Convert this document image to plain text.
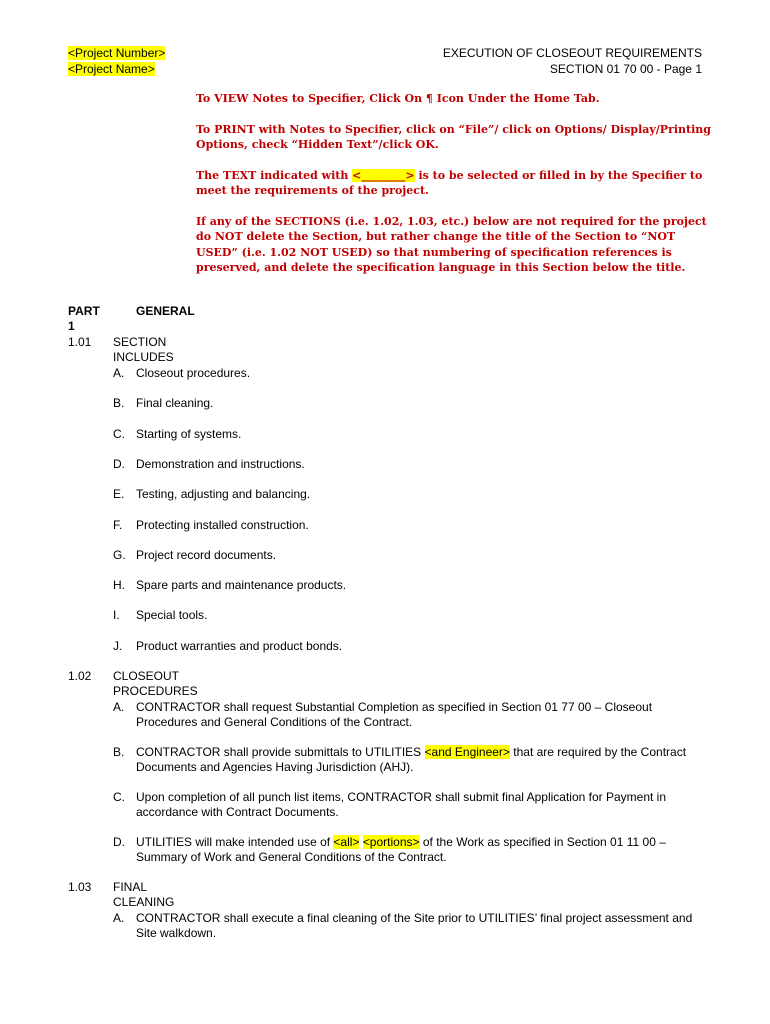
<Project Number>
<Project Name>
EXECUTION OF CLOSEOUT REQUIREMENTS
SECTION 01 70 00 - Page 1

To VIEW Notes to Specifier, Click On ¶ Icon Under the Home Tab.

To PRINT with Notes to Specifier, click on “File”/ click on Options/ Display/Printing Options, check “Hidden Text”/click OK.

The TEXT indicated with <________> is to be selected or filled in by the Specifier to meet the requirements of the project.

If any of the SECTIONS (i.e. 1.02, 1.03, etc.) below are not required for the project do NOT delete the Section, but rather change the title of the Section to “NOT USED” (i.e. 1.02 NOT USED) so that numbering of specification references is preserved, and delete the specification language in this Section below the title.

PART 1
GENERAL
1.01 SECTION INCLUDES
A. Closeout procedures.
B. Final cleaning.
C. Starting of systems.
D. Demonstration and instructions.
E. Testing, adjusting and balancing.
F. Protecting installed construction.
G. Project record documents.
H. Spare parts and maintenance products.
I. Special tools.
J. Product warranties and product bonds.
1.02 CLOSEOUT PROCEDURES
A. CONTRACTOR shall request Substantial Completion as specified in Section 01 77 00 – Closeout Procedures and General Conditions of the Contract.
B. CONTRACTOR shall provide submittals to UTILITIES <and Engineer> that are required by the Contract Documents and Agencies Having Jurisdiction (AHJ).
C. Upon completion of all punch list items, CONTRACTOR shall submit final Application for Payment in accordance with Contract Documents.
D. UTILITIES will make intended use of <all> <portions> of the Work as specified in Section 01 11 00 – Summary of Work and General Conditions of the Contract.
1.03 FINAL CLEANING
A. CONTRACTOR shall execute a final cleaning of the Site prior to UTILITIES’ final project assessment and Site walkdown.
